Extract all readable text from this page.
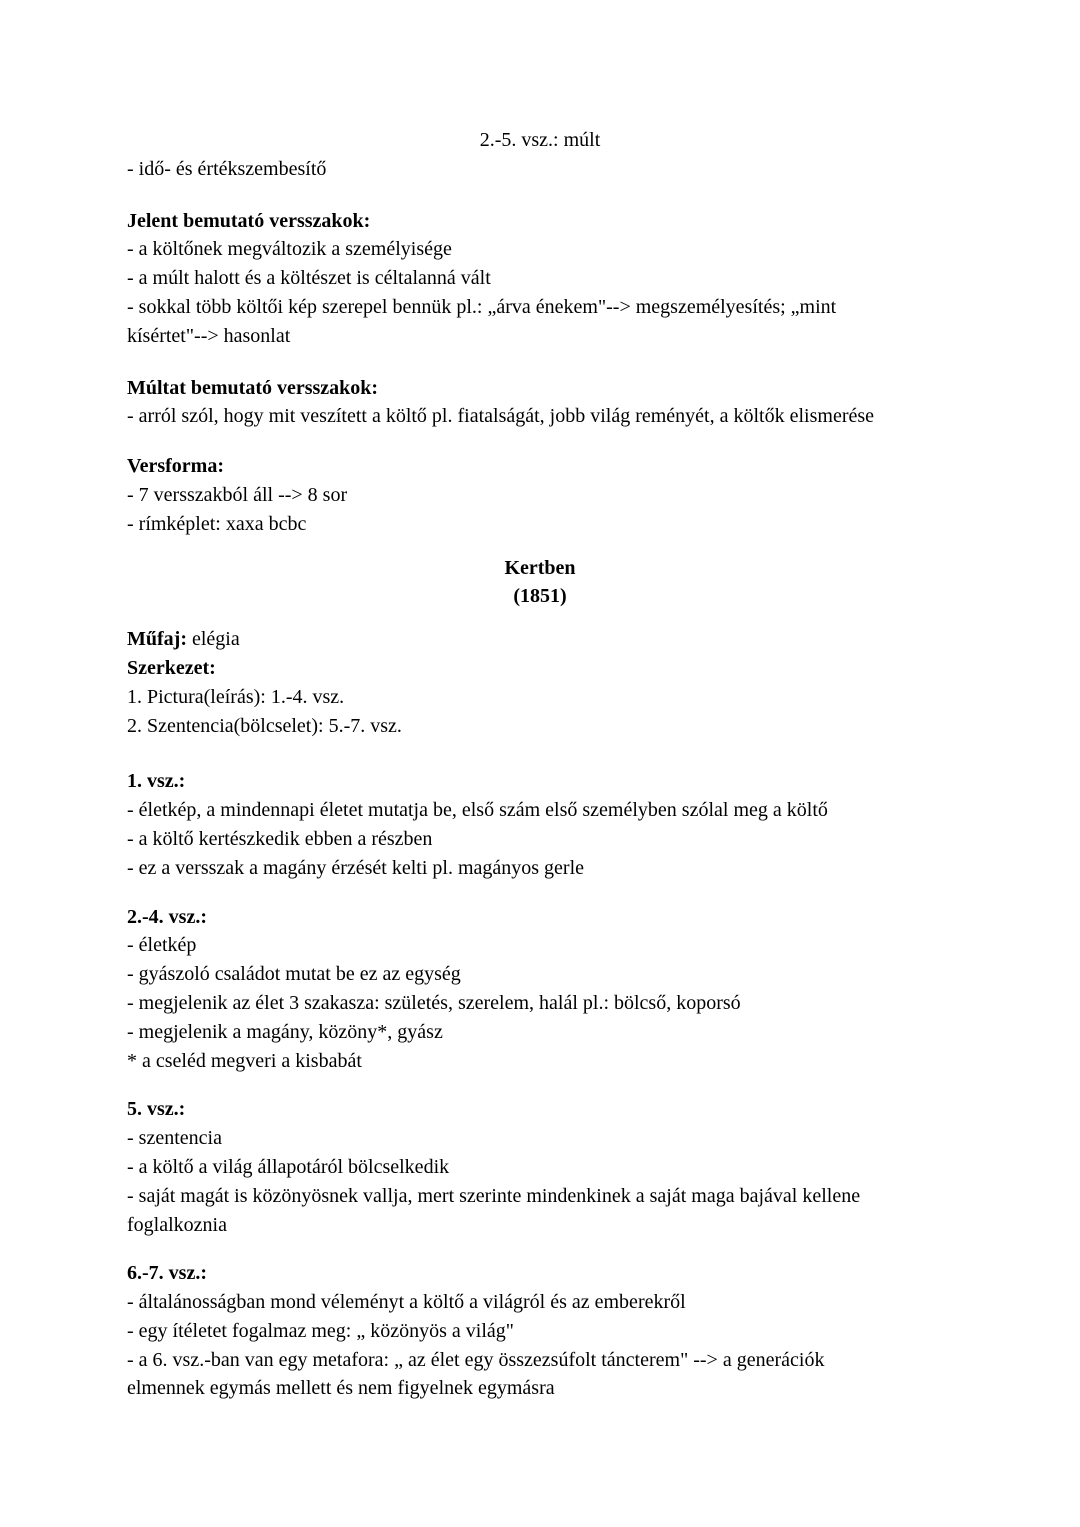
2.-5. vsz.: múlt
- idő- és értékszembesítő
Jelent bemutató versszakok:
- a költőnek megváltozik a személyisége
- a múlt halott és a költészet is céltalanná vált
- sokkal több költői kép szerepel bennük pl.: „árva énekem"--> megszemélyesítés; „mint
kísértet"--> hasonlat
Múltat bemutató versszakok:
- arról szól, hogy mit veszített a költő pl. fiatalságát, jobb világ reményét, a költők elismerése
Versforma:
- 7 versszakból áll --> 8 sor
- rímképlet: xaxa bcbc
Kertben
(1851)
Műfaj: elégia
Szerkezet:
1. Pictura(leírás): 1.-4. vsz.
2. Szentencia(bölcselet): 5.-7. vsz.
1. vsz.:
- életkép, a mindennapi életet mutatja be, első szám első személyben szólal meg a költő
- a költő kertészkedik ebben a részben
- ez a versszak a magány érzését kelti pl. magányos gerle
2.-4. vsz.:
- életkép
- gyászoló családot mutat be ez az egység
- megjelenik az élet 3 szakasza: születés, szerelem, halál pl.: bölcső, koporsó
- megjelenik a magány, közöny*, gyász
* a cseléd megveri a kisbabát
5. vsz.:
- szentencia
- a költő a világ állapotáról bölcselkedik
- saját magát is közönyösnek vallja, mert szerinte mindenkinek a saját maga bajával kellene
foglalkoznia
6.-7. vsz.:
- általánosságban mond véleményt a költő a világról és az emberekről
- egy ítéletet fogalmaz meg: „ közönyös a világ"
- a 6. vsz.-ban van egy metafora: „ az élet egy összezsúfolt táncterem" --> a generációk
elmennek egymás mellett és nem figyelnek egymásra
